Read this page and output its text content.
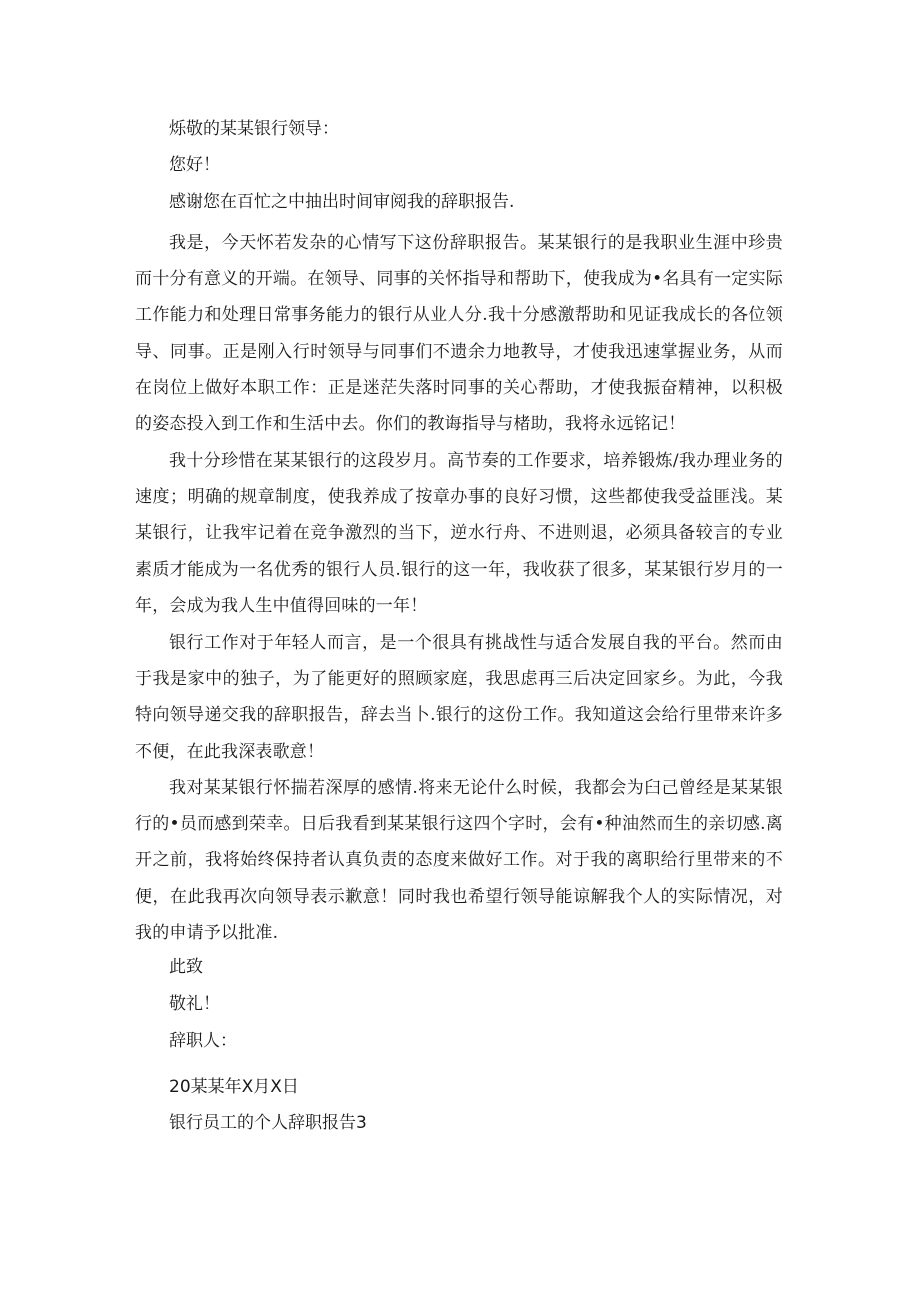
烁敬的某某银行领导：
您好！
感谢您在百忙之中抽出时间审阅我的辞职报告.
我是，今天怀若发杂的心情写下这份辞职报告。某某银行的是我职业生涯中珍贵而十分有意义的开端。在领导、同事的关怀指导和帮助下，使我成为•名具有一定实际工作能力和处理日常事务能力的银行从业人分.我十分感激帮助和见证我成长的各位领导、同事。正是刚入行时领导与同事们不遗余力地教导，才使我迅速掌握业务，从而在岗位上做好本职工作：正是迷茫失落时同事的关心帮助，才使我振奋精神，以积极的姿态投入到工作和生活中去。你们的教诲指导与楮助，我将永远铭记！
我十分珍惜在某某银行的这段岁月。高节奏的工作要求，培养锻炼/我办理业务的速度；明确的规章制度，使我养成了按章办事的良好习惯，这些都使我受益匪浅。某某银行，让我牢记着在竞争激烈的当下，逆水行舟、不进则退，必须具备较言的专业素质才能成为一名优秀的银行人员.银行的这一年，我收获了很多，某某银行岁月的一年，会成为我人生中值得回味的一年！
银行工作对于年轻人而言，是一个很具有挑战性与适合发展自我的平台。然而由于我是家中的独子，为了能更好的照顾家庭，我思虑再三后决定回家乡。为此，今我特向领导递交我的辞职报告，辞去当卜.银行的这份工作。我知道这会给行里带来许多不便，在此我深表歌意！
我对某某银行怀揣若深厚的感情.将来无论什么时候，我都会为臼己曾经是某某银行的•员而感到荣幸。日后我看到某某银行这四个字时，会有•种油然而生的亲切感.离开之前，我将始终保持者认真负责的态度来做好工作。对于我的离职给行里带来的不便，在此我再次向领导表示歉意！同时我也希望行领导能谅解我个人的实际情况，对我的申请予以批准.
此致
敬礼！
辞职人：
20某某年X月X日
银行员工的个人辞职报告3
